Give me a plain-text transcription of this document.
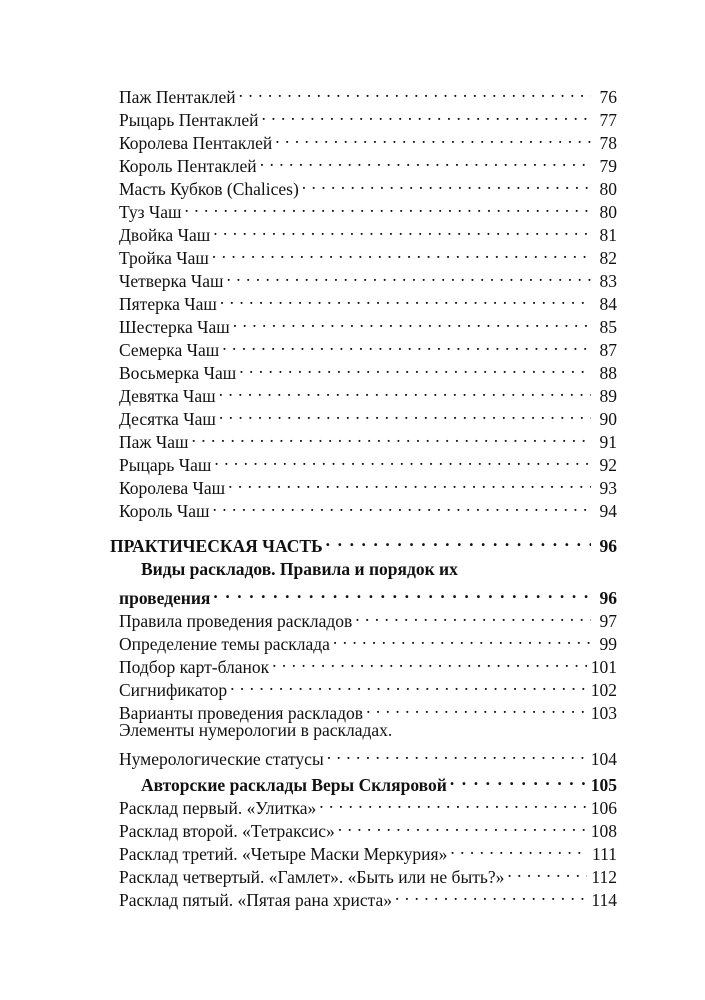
Паж Пентаклей . . .	76
Рыцарь Пентаклей . . .	77
Королева Пентаклей . . .	78
Король Пентаклей . . .	79
Масть Кубков (Chalices) . . .	80
Туз Чаш . . .	80
Двойка Чаш . . .	81
Тройка Чаш . . .	82
Четверка Чаш . . .	83
Пятерка Чаш . . .	84
Шестерка Чаш . . .	85
Семерка Чаш . . .	87
Восьмерка Чаш . . .	88
Девятка Чаш . . .	89
Десятка Чаш . . .	90
Паж Чаш . . .	91
Рыцарь Чаш . . .	92
Королева Чаш . . .	93
Король Чаш . . .	94
ПРАКТИЧЕСКАЯ ЧАСТЬ . . .	96
Виды раскладов. Правила и порядок их
проведения . . .	96
Правила проведения раскладов . . .	97
Определение темы расклада . . .	99
Подбор карт-бланок . . .	101
Сигнификатор . . .	102
Варианты проведения раскладов . . .	103
Элементы нумерологии в раскладах.
Нумерологические статусы . . .	104
Авторские расклады Веры Скляровой . . .	105
Расклад первый. «Улитка» . . .	106
Расклад второй. «Тетраксис» . . .	108
Расклад третий. «Четыре Маски Меркурия» . . .	111
Расклад четвертый. «Гамлет». «Быть или не быть?» . . .	112
Расклад пятый. «Пятая рана христа» . . .	114
